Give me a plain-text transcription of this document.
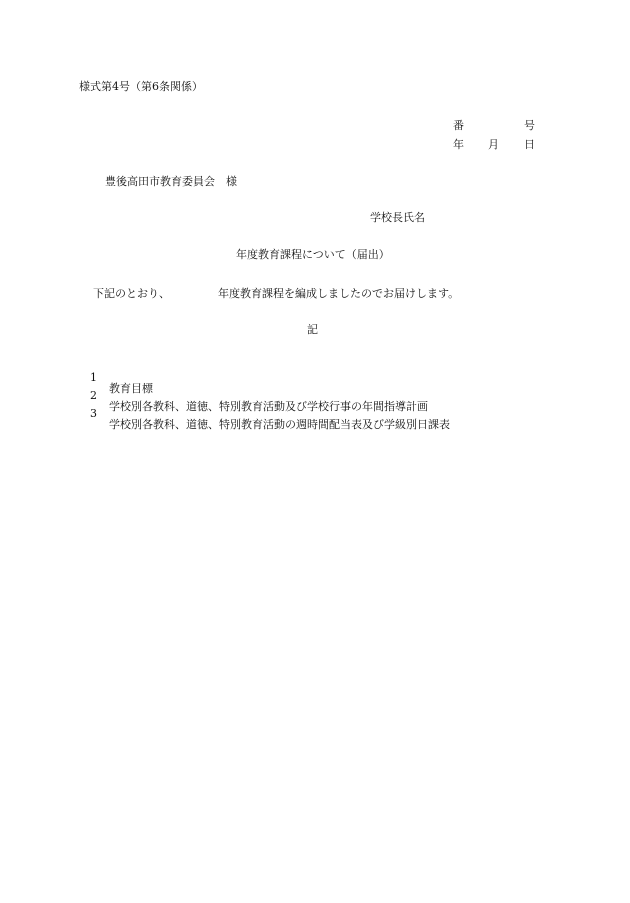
様式第4号（第6条関係）
番	号
年 月 日
豊後高田市教育委員会　様
学校長氏名
年度教育課程について（届出）
下記のとおり、	年度教育課程を編成しましたのでお届けします。
記

1

教育目標

2

学校別各教科、道徳、特別教育活動及び学校行事の年間指導計画

3

学校別各教科、道徳、特別教育活動の週時間配当表及び学級別日課表
